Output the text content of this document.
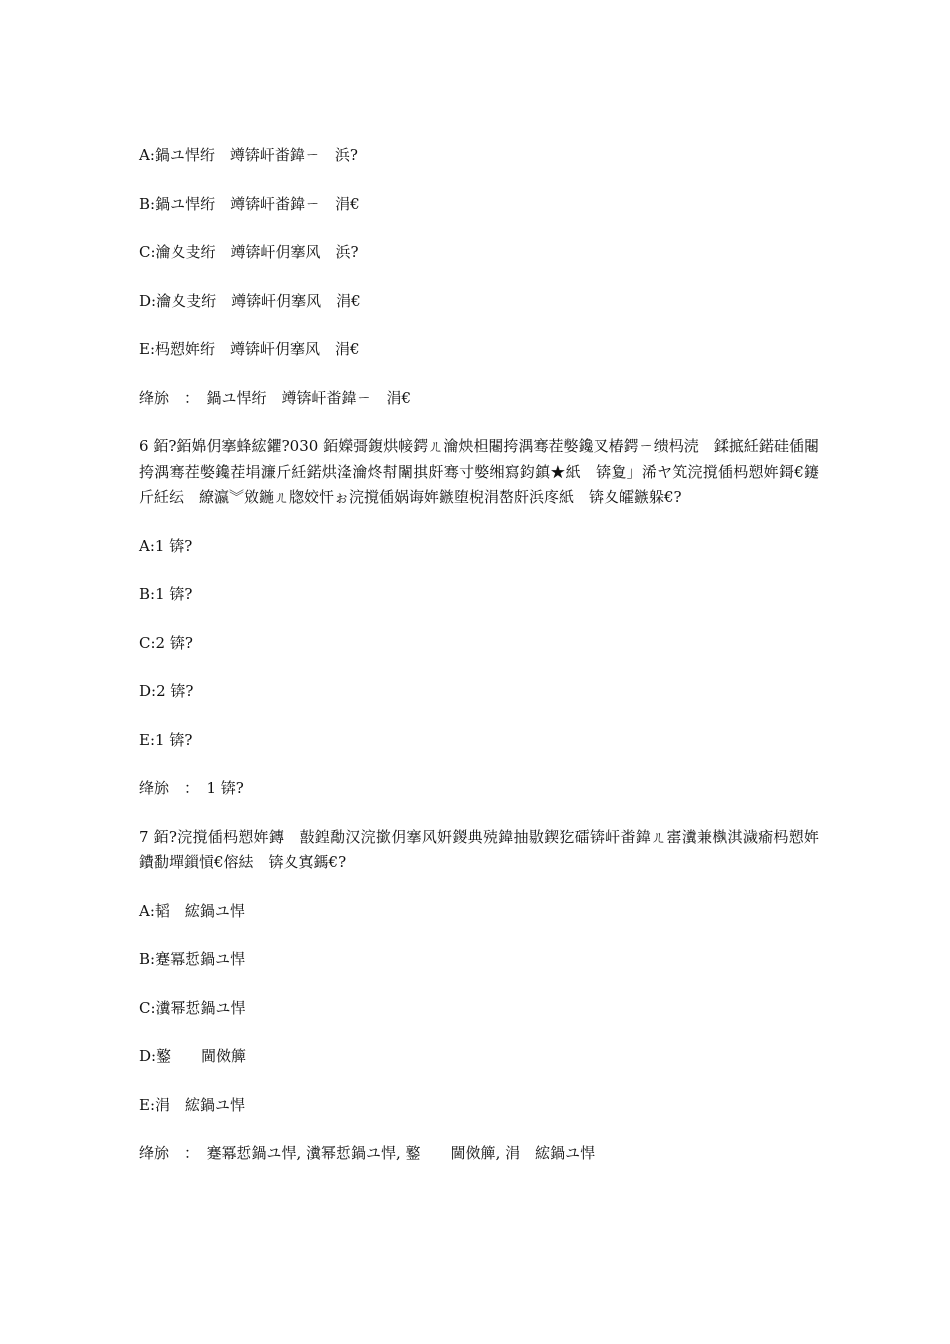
A:鍋ユ悍绗　竴锛屽畨鍏ㄧ　浜?

B:鍋ユ悍绗　竴锛屽畨鍏ㄧ　涓€

C:瀹夊叏绗　竴锛屽仴搴风　浜?

D:瀹夊叏绗　竴锛屽仴搴风　涓€

E:杩愬姩绗　竴锛屽仴搴风　涓€

绛旀　：　鍋ユ悍绗　竴锛屽畨鍏ㄧ　涓€

6 銆?銆婂仴搴蜂綋鑺?030 銆嬫彁鍑烘帹鍔ㄦ瀹炴柦闀挎湡骞茬嫳鑱叉椿鍔ㄧ缋杩涜　鍒掋紝鍩硅偛闀挎湡骞茬嫳鑱茬埍濂斤紝鍩烘湰瀹炵幇闈掑皯骞寸嫳缃寫鈞鎮★紙　锛夐」浠ヤ笂浣撹偛杩愬姩鎶€鑳斤紝纭　繚瀛︾敓鍦ㄦ牎姣忓ぉ浣撹偛娲诲姩鏃堕棿涓嶅皯浜庝紙　锛夊皬鏃躲€?

A:1 锛?

B:1 锛?

C:2 锛?

D:2 锛?

E:1 锛?

绛旀　：　1 锛?

7 銆?浣撹偛杩愬姩鏄　敼鍠勪汉浣撳仴搴风姸鍐典殑鍏抽敭鍥犵礌锛屽畨鍏ㄦ寚瀵兼槸淇濊瘉杩愬姩鐨勫墠鎻愩€傛紶　锛夊寘鎷€?

A:韬　綋鍋ユ悍

B:蹇冪悊鍋ユ悍

C:瀵幂悊鍋ユ悍

D:鐜　　閫傚簲

E:涓　綋鍋ユ悍

绛旀　：　蹇冪悊鍋ユ悍, 瀵幂悊鍋ユ悍, 鐜　　閫傚簲, 涓　綋鍋ユ悍
